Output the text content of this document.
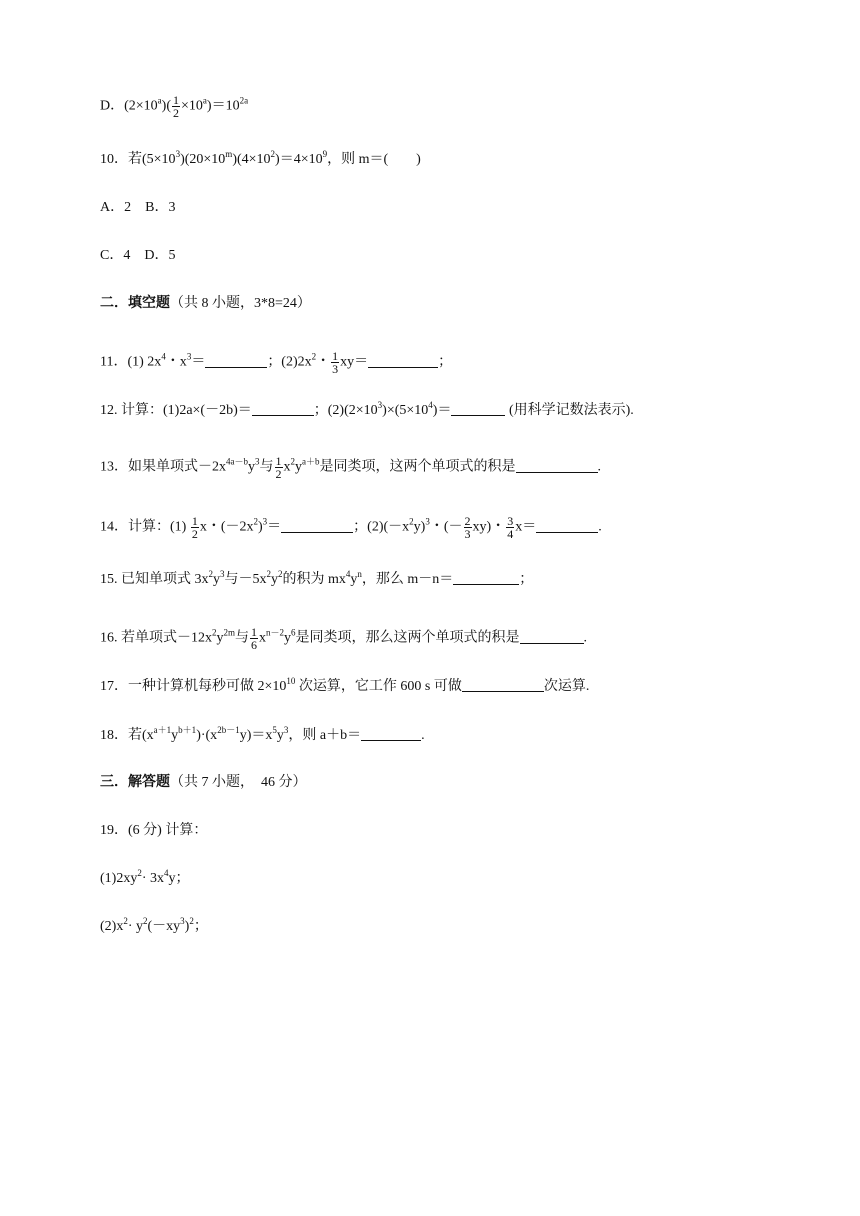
D．$(2\times 10^a)( \frac{1}{2} \times 10^a)=10^{2a}$
10．若$(5\times 10^3)(20\times 10^m)(4\times 10^2)=4\times 10^9$，则 m＝(　　)
A．2　B．3
C．4　D．5
二．填空题（共 8 小题，3*8=24）
11．(1) $2x^4$・$x^3=$	；$(2)2x^2$・ $\frac{1}{3} xy=$	；
12. 计算：(1)2a×(－2b)＝	；$(2)(2\times 10^3)\times(5\times 10^4)=$	(用科学记数法表示).
13．如果单项式$-2x^{4a-b}y^3$与 $\frac{1}{2} x^2y^{a+b}$是同类项，这两个单项式的积是	.
14．计算：$(1) \frac{1}{2}$ x・$(-2x^2)^3=$	；$(2)(-x^2y)^3$・(－ $\frac{2}{3} xy$)・ $\frac{3}{4} x=$	.
15. 已知单项式 $3x^2y^3$与$-5x^2y^2$的积为 $mx^4y^n$，那么 m－n＝	；
16. 若单项式$-12x^2y^{2m}$与 $\frac{1}{6} x^{n-2}y^6$是同类项，那么这两个单项式的积是	.
17．一种计算机每秒可做 $2\times 10^{10}$ 次运算，它工作 600 s 可做	次运算.
18．若$(x^{a+1}y^{b+1})\cdot(x^{2b-1}y)=x^5y^3$，则 a＋b＝	.
三．解答题（共 7 小题，　46 分）
19．(6 分) 计算：
$(1)2xy^2\cdot 3x^4y$；
$(2)x^2\cdot y^2(-xy^3)^2$；
